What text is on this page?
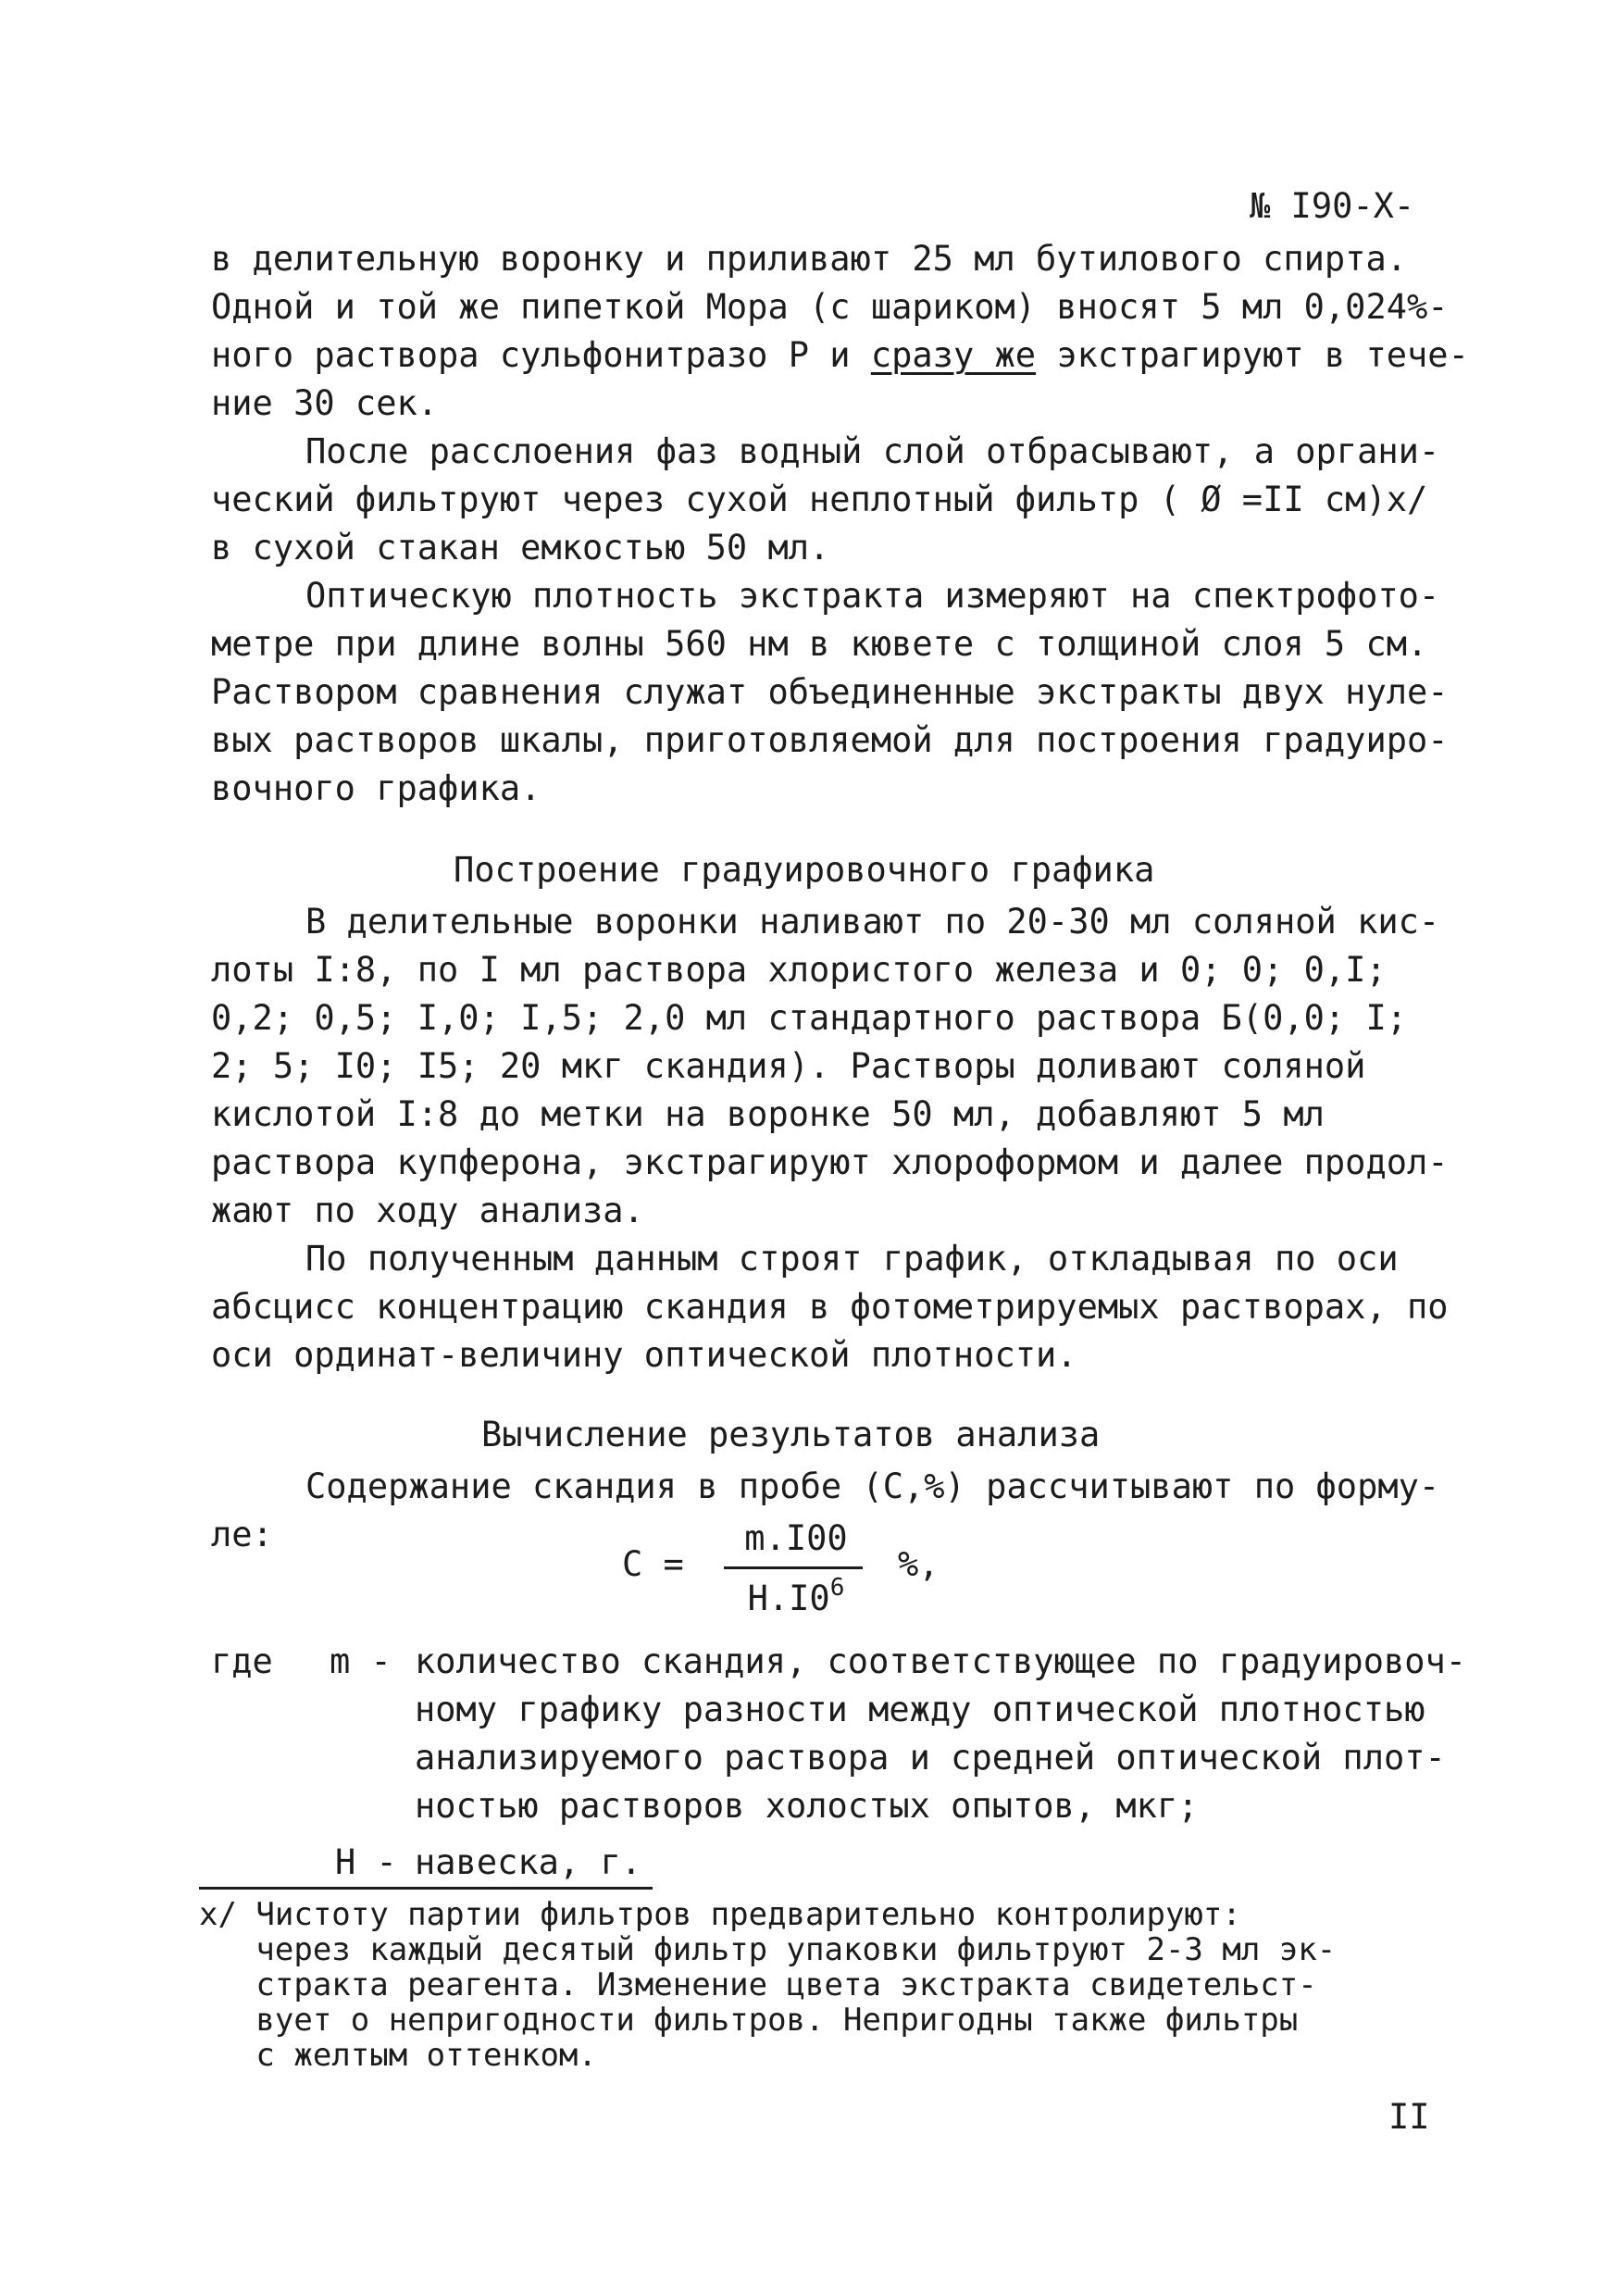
№ I90-X-
в делительную воронку и приливают 25 мл бутилового спирта.
Одной и той же пипеткой Мора (с шариком) вносят 5 мл 0,024%-
ного раствора сульфонитразо Р и сразу же экстрагируют в тече-
ние 30 сек.
После расслоения фаз водный слой отбрасывают, а органи-
ческий фильтруют через сухой неплотный фильтр ( Ø =II см)x/
в сухой стакан емкостью 50 мл.
Оптическую плотность экстракта измеряют на спектрофото-
метре при длине волны 560 нм в кювете с толщиной слоя 5 см.
Раствором сравнения служат объединенные экстракты двух нуле-
вых растворов шкалы, приготовляемой для построения градуиро-
вочного графика.
Построение градуировочного графика
В делительные воронки наливают по 20-30 мл соляной кис-
лоты I:8, по I мл раствора хлористого железа и 0; 0; 0,I;
0,2; 0,5; I,0; I,5; 2,0 мл стандартного раствора Б(0,0; I;
2; 5; I0; I5; 20 мкг скандия). Растворы доливают соляной
кислотой I:8 до метки на воронке 50 мл, добавляют 5 мл
раствора купферона, экстрагируют хлороформом и далее продол-
жают по ходу анализа.
По полученным данным строят график, откладывая по оси
абсцисс концентрацию скандия в фотометрируемых растворах, по
оси ординат-величину оптической плотности.
Вычисление результатов анализа
Содержание скандия в пробе (С,%) рассчитывают по форму-
ле:
С =
m.I00
$H.I0^6$
%,
где m - количество скандия, соответствующее по градуировоч-
ному графику разности между оптической плотностью
анализируемого раствора и средней оптической плот-
ностью растворов холостых опытов, мкг;
H - навеска, г.
x/ Чистоту партии фильтров предварительно контролируют:
через каждый десятый фильтр упаковки фильтруют 2-3 мл эк-
стракта реагента. Изменение цвета экстракта свидетельст-
вует о непригодности фильтров. Непригодны также фильтры
с желтым оттенком.
II
